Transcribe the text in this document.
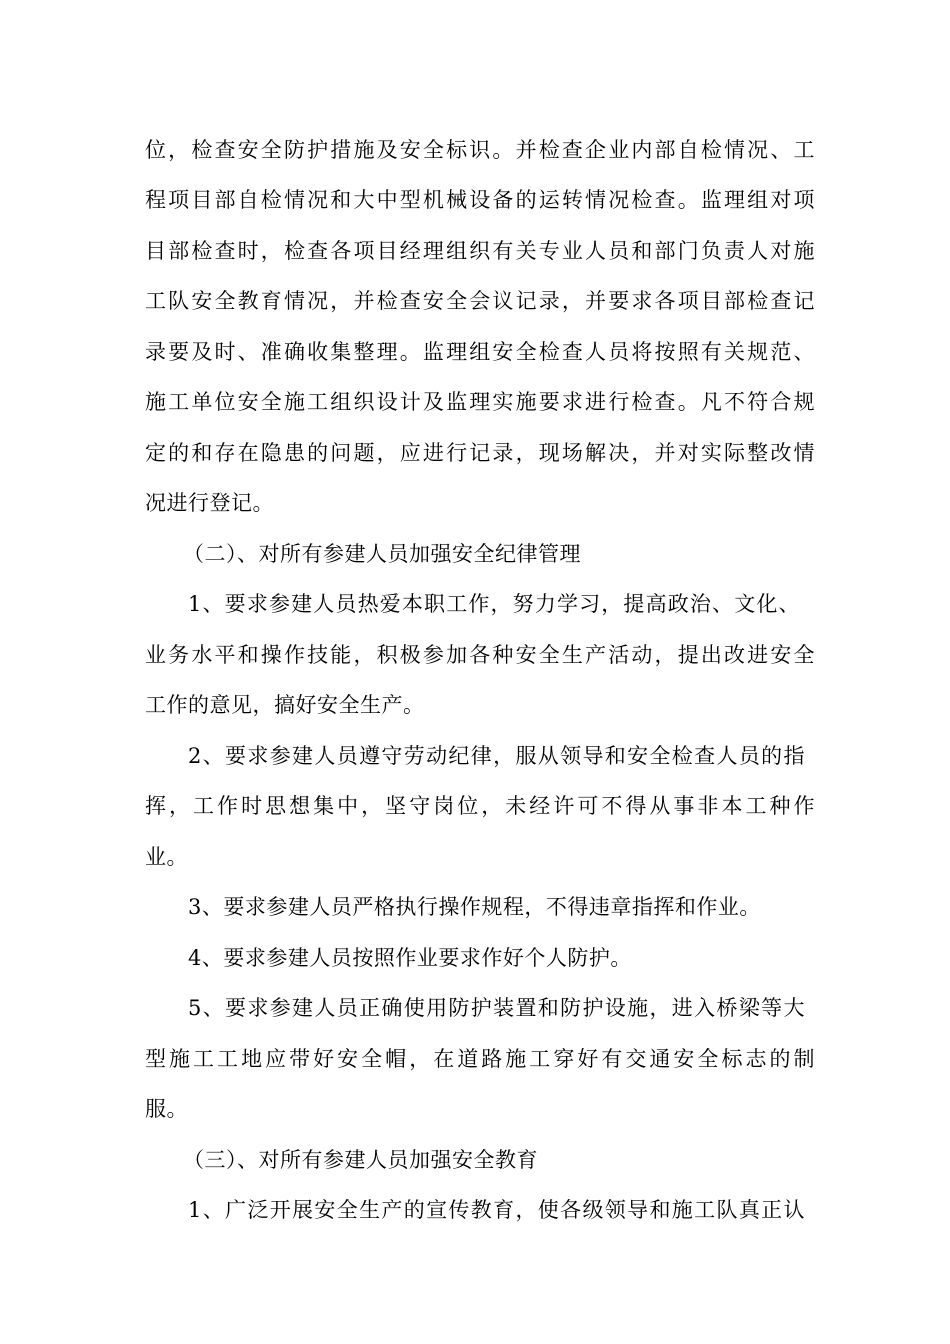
位，检查安全防护措施及安全标识。并检查企业内部自检情况、工
程项目部自检情况和大中型机械设备的运转情况检查。监理组对项
目部检查时，检查各项目经理组织有关专业人员和部门负责人对施
工队安全教育情况，并检查安全会议记录，并要求各项目部检查记
录要及时、准确收集整理。监理组安全检查人员将按照有关规范、
施工单位安全施工组织设计及监理实施要求进行检查。凡不符合规
定的和存在隐患的问题，应进行记录，现场解决，并对实际整改情
况进行登记。
（二）、对所有参建人员加强安全纪律管理
1、要求参建人员热爱本职工作，努力学习，提高政治、文化、
业务水平和操作技能，积极参加各种安全生产活动，提出改进安全
工作的意见，搞好安全生产。
2、要求参建人员遵守劳动纪律，服从领导和安全检查人员的指
挥，工作时思想集中，坚守岗位，未经许可不得从事非本工种作
业。
3、要求参建人员严格执行操作规程，不得违章指挥和作业。
4、要求参建人员按照作业要求作好个人防护。
5、要求参建人员正确使用防护装置和防护设施，进入桥梁等大
型施工工地应带好安全帽，在道路施工穿好有交通安全标志的制
服。
（三）、对所有参建人员加强安全教育
1、广泛开展安全生产的宣传教育，使各级领导和施工队真正认
